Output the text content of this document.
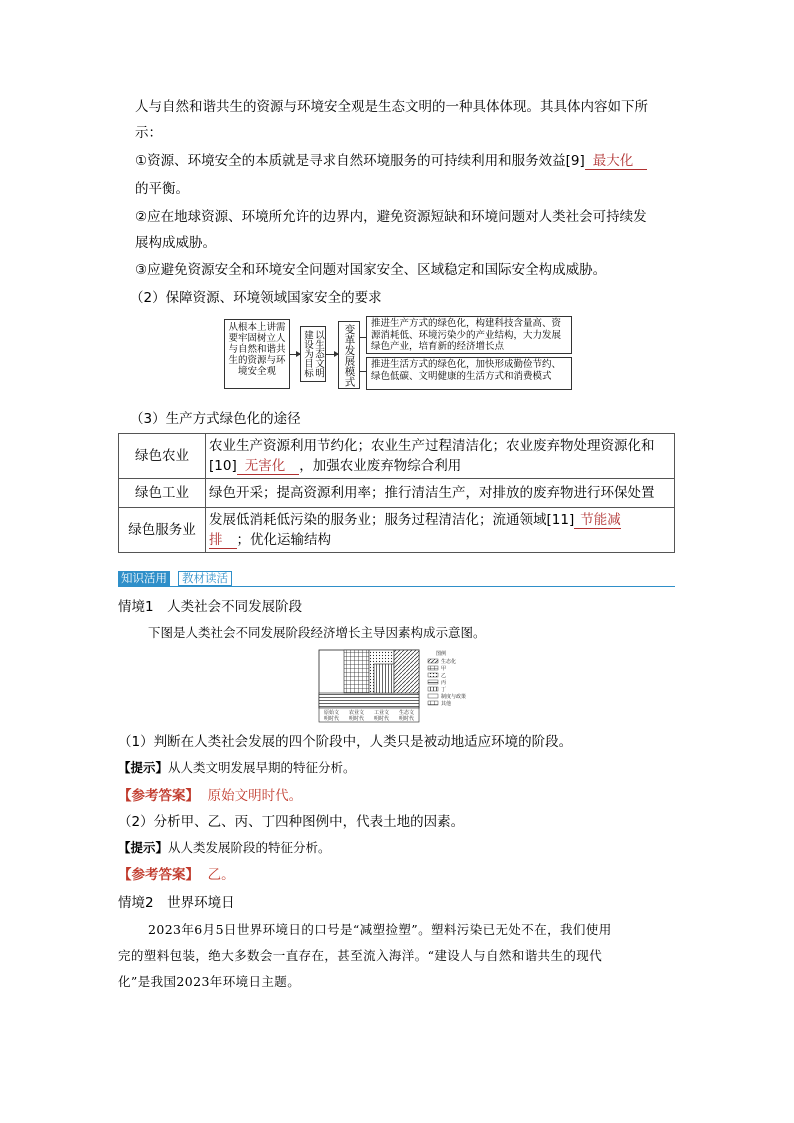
人与自然和谐共生的资源与环境安全观是生态文明的一种具体体现。其具体内容如下所
示：
①资源、环境安全的本质就是寻求自然环境服务的可持续利用和服务效益[9] 最大化
的平衡。
②应在地球资源、环境所允许的边界内，避免资源短缺和环境问题对人类社会可持续发
展构成威胁。
③应避免资源安全和环境安全问题对国家安全、区域稳定和国际安全构成威胁。
（2）保障资源、环境领域国家安全的要求
从根本上讲需要牢固树立人与自然和谐共生的资源与环境安全观	以生态文明建设为目标	变革发展模式	推进生产方式的绿色化，构建科技含量高、资源消耗低、环境污染少的产业结构，大力发展绿色产业，培育新的经济增长点
推进生活方式的绿色化，加快形成勤俭节约、绿色低碳、文明健康的生活方式和消费模式
（3）生产方式绿色化的途径
绿色农业	农业生产资源利用节约化；农业生产过程清洁化；农业废弃物处理资源化和
[10] 无害化 ，加强农业废弃物综合利用

绿色工业	绿色开采；提高资源利用率；推行清洁生产，对排放的废弃物进行环保处置
绿色服务业	发展低消耗低污染的服务业；服务过程清洁化；流通领域[11] 节能减
排 ；优化运输结构
知识活用	教材读活
情境1　人类社会不同发展阶段
下图是人类社会不同发展阶段经济增长主导因素构成示意图。
原始文
明时代
农业文
明时代
工业文
明时代
生态文
明时代
图例
生态化
甲
乙
丙
丁
制度与政策
其他
（1）判断在人类社会发展的四个阶段中，人类只是被动地适应环境的阶段。
【提示】从人类文明发展早期的特征分析。
【参考答案】 原始文明时代。
（2）分析甲、乙、丙、丁四种图例中，代表土地的因素。
【提示】从人类发展阶段的特征分析。
【参考答案】 乙。
情境2　世界环境日
2023年6月5日世界环境日的口号是“减塑捡塑”。塑料污染已无处不在，我们使用
完的塑料包装，绝大多数会一直存在，甚至流入海洋。“建设人与自然和谐共生的现代
化”是我国2023年环境日主题。
